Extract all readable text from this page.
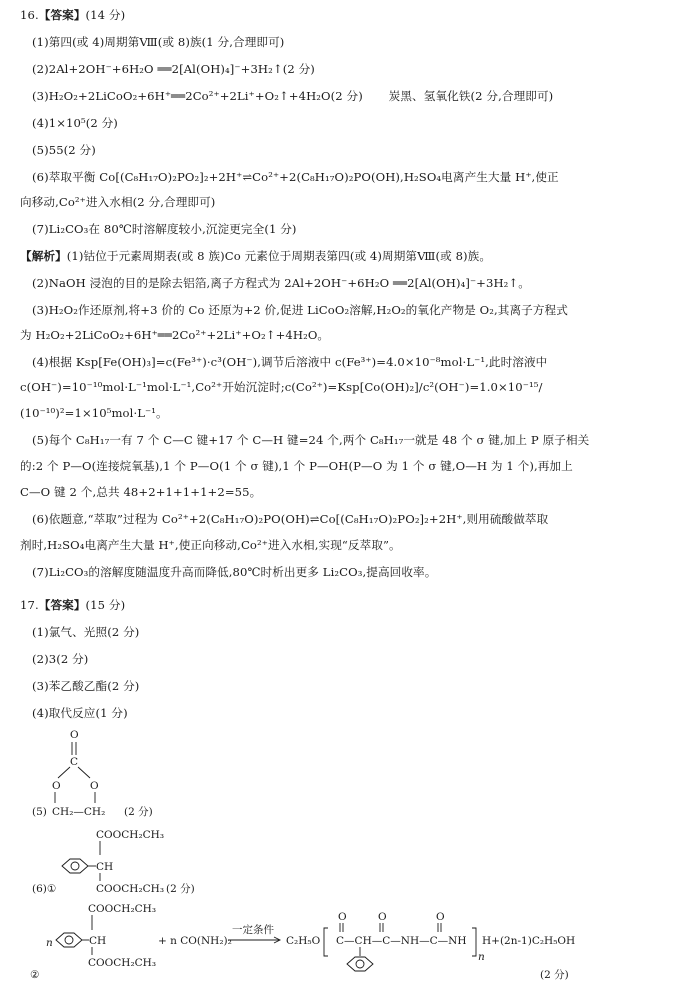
16.【答案】(14 分)
(1)第四(或 4)周期第Ⅷ(或 8)族(1 分,合理即可)
(2)2Al+2OH⁻+6H₂O ══2[Al(OH)₄]⁻+3H₂↑(2 分)
(3)H₂O₂+2LiCoO₂+6H⁺══2Co²⁺+2Li⁺+O₂↑+4H₂O(2 分) 炭黑、氢氧化铁(2 分,合理即可)
(4)1×10⁵(2 分)
(5)55(2 分)
(6)萃取平衡 Co[(C₈H₁₇O)₂PO₂]₂+2H⁺⇌Co²⁺+2(C₈H₁₇O)₂PO(OH),H₂SO₄电离产生大量 H⁺,使正
向移动,Co²⁺进入水相(2 分,合理即可)
(7)Li₂CO₃在 80℃时溶解度较小,沉淀更完全(1 分)
【解析】(1)钴位于元素周期表(或 8 族)Co 元素位于周期表第四(或 4)周期第Ⅷ(或 8)族。
(2)NaOH 浸泡的目的是除去铝箔,离子方程式为 2Al+2OH⁻+6H₂O ══2[Al(OH)₄]⁻+3H₂↑。
(3)H₂O₂作还原剂,将+3 价的 Co 还原为+2 价,促进 LiCoO₂溶解,H₂O₂的氧化产物是 O₂,其离子方程式
为 H₂O₂+2LiCoO₂+6H⁺══2Co²⁺+2Li⁺+O₂↑+4H₂O。
(4)根据 Ksp[Fe(OH)₃]=c(Fe³⁺)·c³(OH⁻),调节后溶液中 c(Fe³⁺)=4.0×10⁻⁸mol·L⁻¹,此时溶液中
c(OH⁻)=10⁻¹⁰mol·L⁻¹mol·L⁻¹,Co²⁺开始沉淀时;c(Co²⁺)=Ksp[Co(OH)₂]/c²(OH⁻)=1.0×10⁻¹⁵/
(10⁻¹⁰)²=1×10⁵mol·L⁻¹。
(5)每个 C₈H₁₇一有 7 个 C—C 键+17 个 C—H 键=24 个,两个 C₈H₁₇一就是 48 个 σ 键,加上 P 原子相关
的:2 个 P—O(连接烷氧基),1 个 P—O(1 个 σ 键),1 个 P—OH(P—O 为 1 个 σ 键,O—H 为 1 个),再加上
C—O 键 2 个,总共 48+2+1+1+1+2=55。
(6)依题意,“萃取”过程为 Co²⁺+2(C₈H₁₇O)₂PO(OH)⇌Co[(C₈H₁₇O)₂PO₂]₂+2H⁺,则用硫酸做萃取
剂时,H₂SO₄电离产生大量 H⁺,使正向移动,Co²⁺进入水相,实现“反萃取”。
(7)Li₂CO₃的溶解度随温度升高而降低,80℃时析出更多 Li₂CO₃,提高回收率。
17.【答案】(15 分)
(1)氯气、光照(2 分)
(2)3(2 分)
(3)苯乙酸乙酯(2 分)
(4)取代反应(1 分)
O
C
O	O
(5) CH₂—CH₂ (2 分)
COOCH₂CH₃
CH
(6)①	COOCH₂CH₃ (2 分)
COOCH₂CH₃
n	CH
COOCH₂CH₃
+ n CO(NH₂)₂
一定条件
C₂H₅O
O	O	O
C—CH—C—NH—C—NH
n
H+(2n-1)C₂H₅OH
②	(2 分)
